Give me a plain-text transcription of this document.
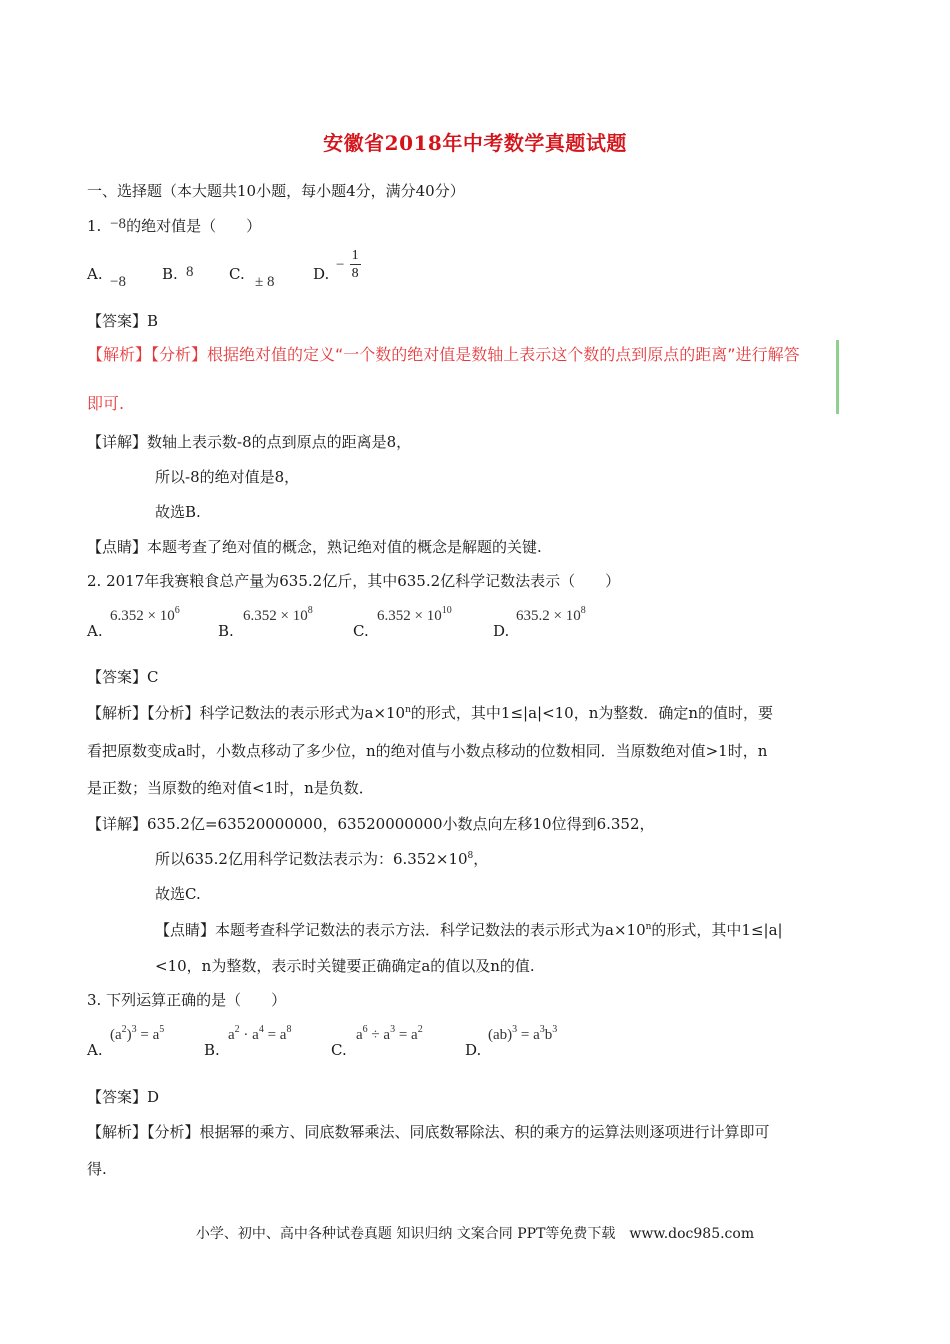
安徽省2018年中考数学真题试题
一、选择题（本大题共10小题，每小题4分，满分40分）
1. −8的绝对值是（　　）
A. −8 B. 8 C. ± 8	D. − $\frac{1}{8}$
【答案】B
【解析】【分析】根据绝对值的定义“一个数的绝对值是数轴上表示这个数的点到原点的距离”进行解答
即可.
【详解】数轴上表示数-8的点到原点的距离是8，
所以-8的绝对值是8，
故选B.
【点睛】本题考查了绝对值的概念，熟记绝对值的概念是解题的关键.
2. 2017年我赛粮食总产量为635.2亿斤，其中635.2亿科学记数法表示（　　）
A.
$6.352 \times 10^6$
B.
$6.352 \times 10^8$
C.
$6.352 \times 10^{10}$
D.
$635.2 \times 10^8$
【答案】C
【解析】【分析】科学记数法的表示形式为$a\times 10^n$的形式，其中1≤|a|<10，n为整数．确定n的值时，要
看把原数变成a时，小数点移动了多少位，n的绝对值与小数点移动的位数相同．当原数绝对值>1时，n
是正数；当原数的绝对值<1时，n是负数．
【详解】635.2亿=63520000000，63520000000小数点向左移10位得到6.352，
所以635.2亿用科学记数法表示为：$6.352\times 10^8$，
故选C.
【点睛】本题考查科学记数法的表示方法．科学记数法的表示形式为$a\times 10^n$的形式，其中1≤|a|
<10，n为整数，表示时关键要正确确定a的值以及n的值.
3. 下列运算正确的是（　　）
A.
$(a^2)^3 = a^5$
B.
$a^2 \cdot a^4 = a^8$
C.
$a^6 \div a^3 = a^2$
D.
$(ab)^3 = a^3b^3$
【答案】D
【解析】【分析】根据幂的乘方、同底数幂乘法、同底数幂除法、积的乘方的运算法则逐项进行计算即可
得.
小学、初中、高中各种试卷真题 知识归纳 文案合同 PPT等免费下载　www.doc985.com
